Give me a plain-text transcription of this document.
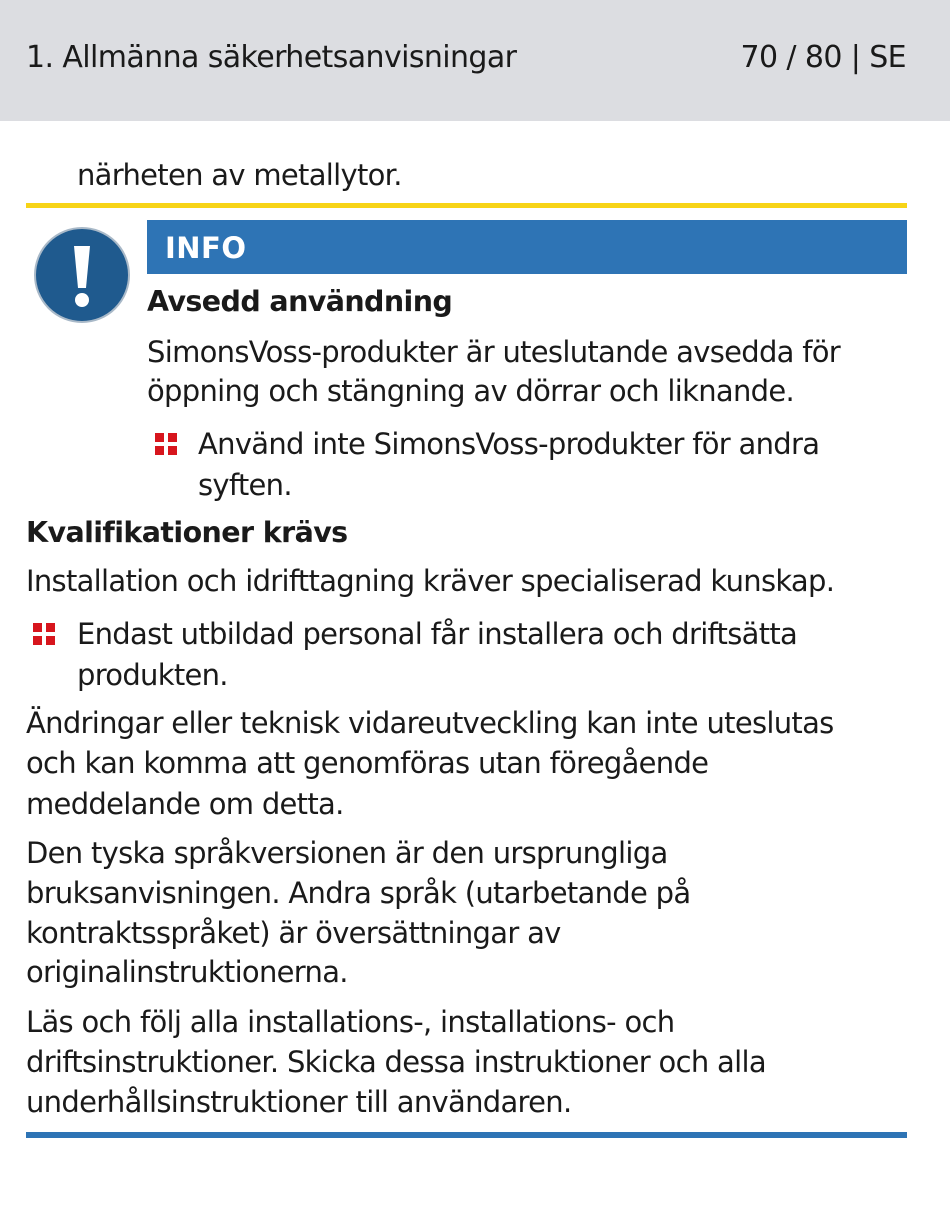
1. Allmänna säkerhetsanvisningar	70 / 80 | SE
närheten av metallytor.
INFO
Avsedd användning
SimonsVoss-produkter är uteslutande avsedda för
öppning och stängning av dörrar och liknande.
Använd inte SimonsVoss-produkter för andra
syften.
Kvalifikationer krävs
Installation och idrifttagning kräver specialiserad kunskap.
Endast utbildad personal får installera och driftsätta
produkten.
Ändringar eller teknisk vidareutveckling kan inte uteslutas
och kan komma att genomföras utan föregående
meddelande om detta.
Den tyska språkversionen är den ursprungliga
bruksanvisningen. Andra språk (utarbetande på
kontraktsspråket) är översättningar av
originalinstruktionerna.
Läs och följ alla installations-, installations- och
driftsinstruktioner. Skicka dessa instruktioner och alla
underhållsinstruktioner till användaren.
